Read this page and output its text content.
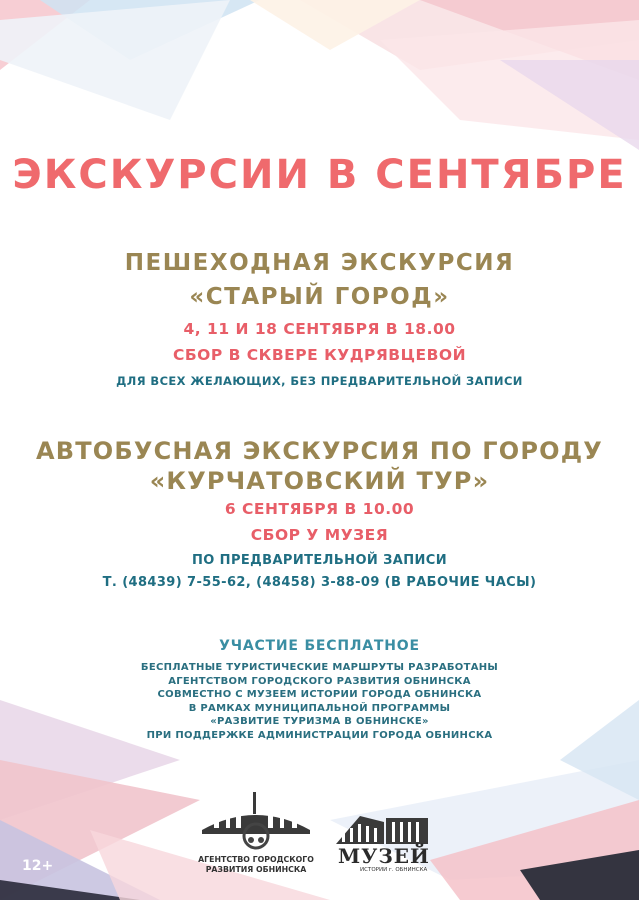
ЭКСКУРСИИ В СЕНТЯБРЕ
ПЕШЕХОДНАЯ ЭКСКУРСИЯ
«СТАРЫЙ ГОРОД»
4, 11 И 18 СЕНТЯБРЯ В 18.00
СБОР В СКВЕРЕ КУДРЯВЦЕВОЙ
ДЛЯ ВСЕХ ЖЕЛАЮЩИХ, БЕЗ ПРЕДВАРИТЕЛЬНОЙ ЗАПИСИ
АВТОБУСНАЯ ЭКСКУРСИЯ ПО ГОРОДУ
«КУРЧАТОВСКИЙ ТУР»
6 СЕНТЯБРЯ В 10.00
СБОР У МУЗЕЯ
ПО ПРЕДВАРИТЕЛЬНОЙ ЗАПИСИ
Т. (48439) 7-55-62, (48458) 3-88-09 (В РАБОЧИЕ ЧАСЫ)
УЧАСТИЕ БЕСПЛАТНОЕ
БЕСПЛАТНЫЕ ТУРИСТИЧЕСКИЕ МАРШРУТЫ РАЗРАБОТАНЫ
АГЕНТСТВОМ ГОРОДСКОГО РАЗВИТИЯ ОБНИНСКА
СОВМЕСТНО С МУЗЕЕМ ИСТОРИИ ГОРОДА ОБНИНСКА
В РАМКАХ МУНИЦИПАЛЬНОЙ ПРОГРАММЫ
«РАЗВИТИЕ ТУРИЗМА В ОБНИНСКЕ»
ПРИ ПОДДЕРЖКЕ АДМИНИСТРАЦИИ ГОРОДА ОБНИНСКА
12+	АГЕНТСТВО ГОРОДСКОГО
РАЗВИТИЯ ОБНИНСКА
МУЗЕЙ
ИСТОРИИ г. ОБНИНСКА
